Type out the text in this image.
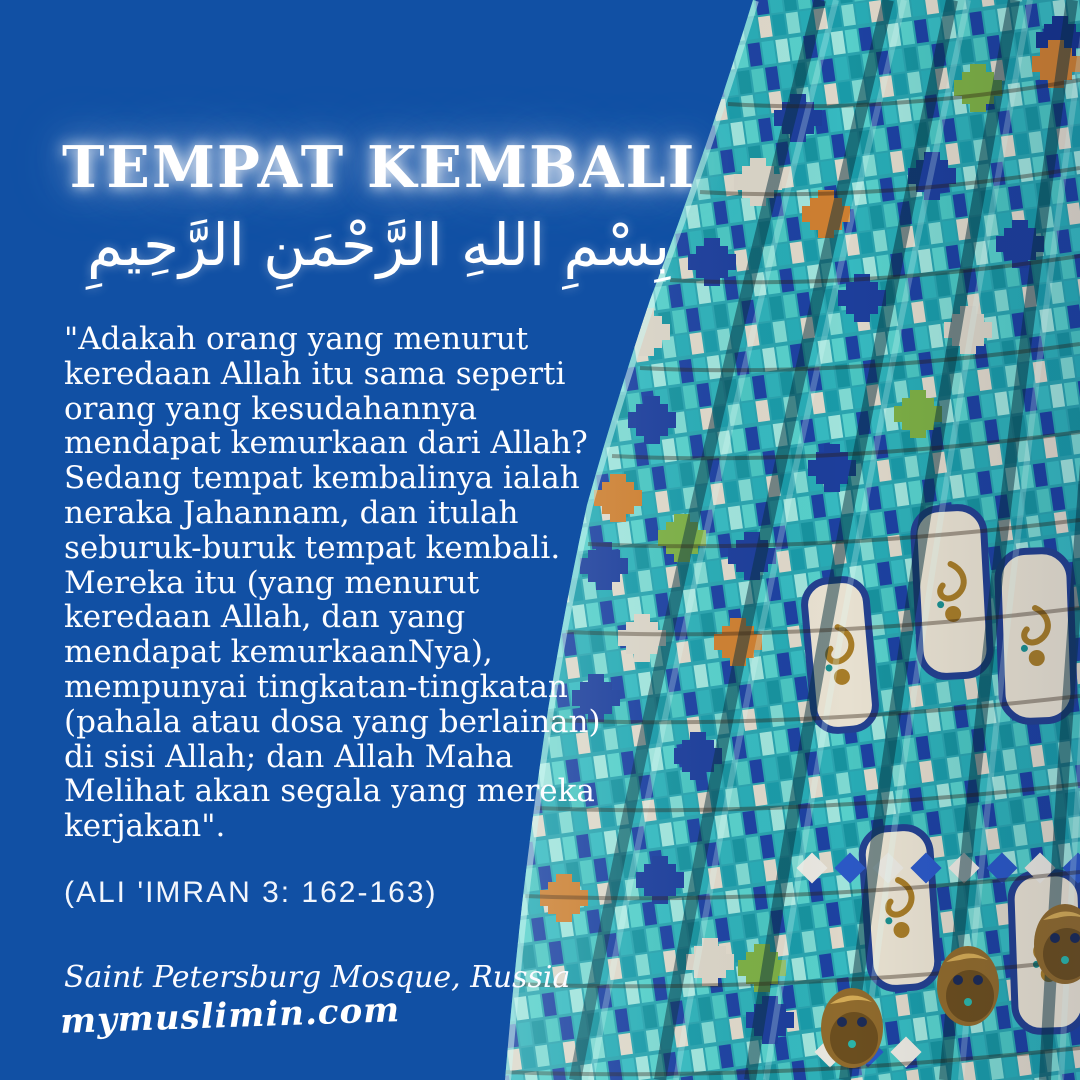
TEMPAT KEMBALI
بِسْمِ اللهِ الرَّحْمَنِ الرَّحِيمِ
"Adakah orang yang menurut
keredaan Allah itu sama seperti
orang yang kesudahannya
mendapat kemurkaan dari Allah?
Sedang tempat kembalinya ialah
neraka Jahannam, dan itulah
seburuk-buruk tempat kembali.
Mereka itu (yang menurut
keredaan Allah, dan yang
mendapat kemurkaanNya),
mempunyai tingkatan-tingkatan
(pahala atau dosa yang berlainan)
di sisi Allah; dan Allah Maha
Melihat akan segala yang mereka
kerjakan".
(ALI 'IMRAN 3: 162-163)
Saint Petersburg Mosque, Russia
mymuslimin.com
